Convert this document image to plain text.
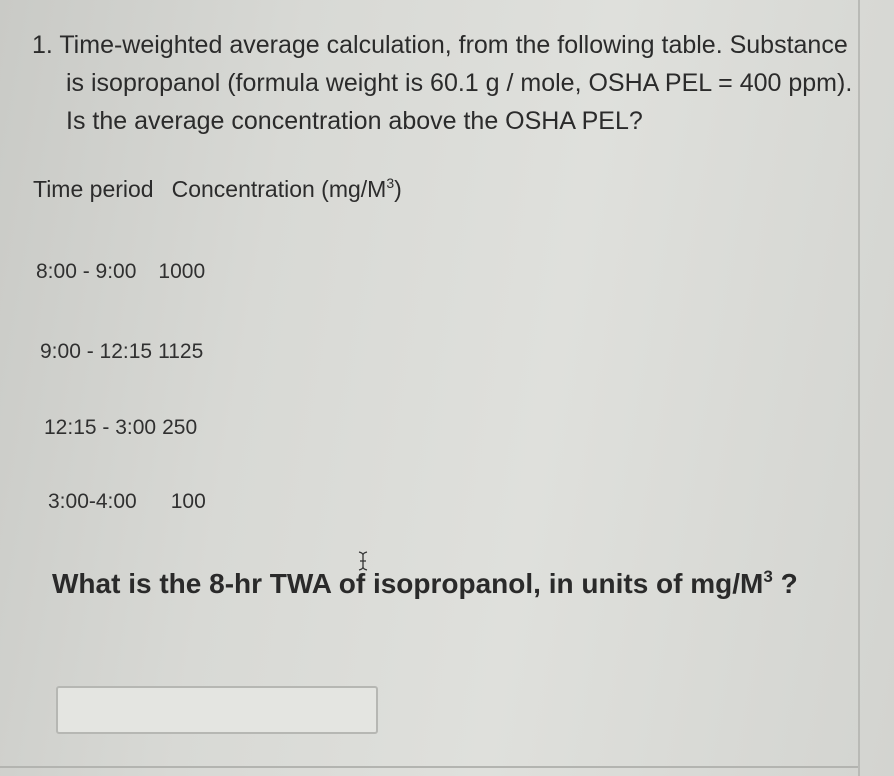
1. Time-weighted average calculation, from the following table. Substance
is isopropanol (formula weight is 60.1 g / mole, OSHA PEL = 400 ppm).
Is the average concentration above the OSHA PEL?
Time period Concentration $(mg/M^3)$
8:00 - 9:00 1000
9:00 - 12:15 1125
12:15 - 3:00 250
3:00-4:00 100
What is the 8-hr TWA of isopropanol, in units of $mg/M^3$ ?
